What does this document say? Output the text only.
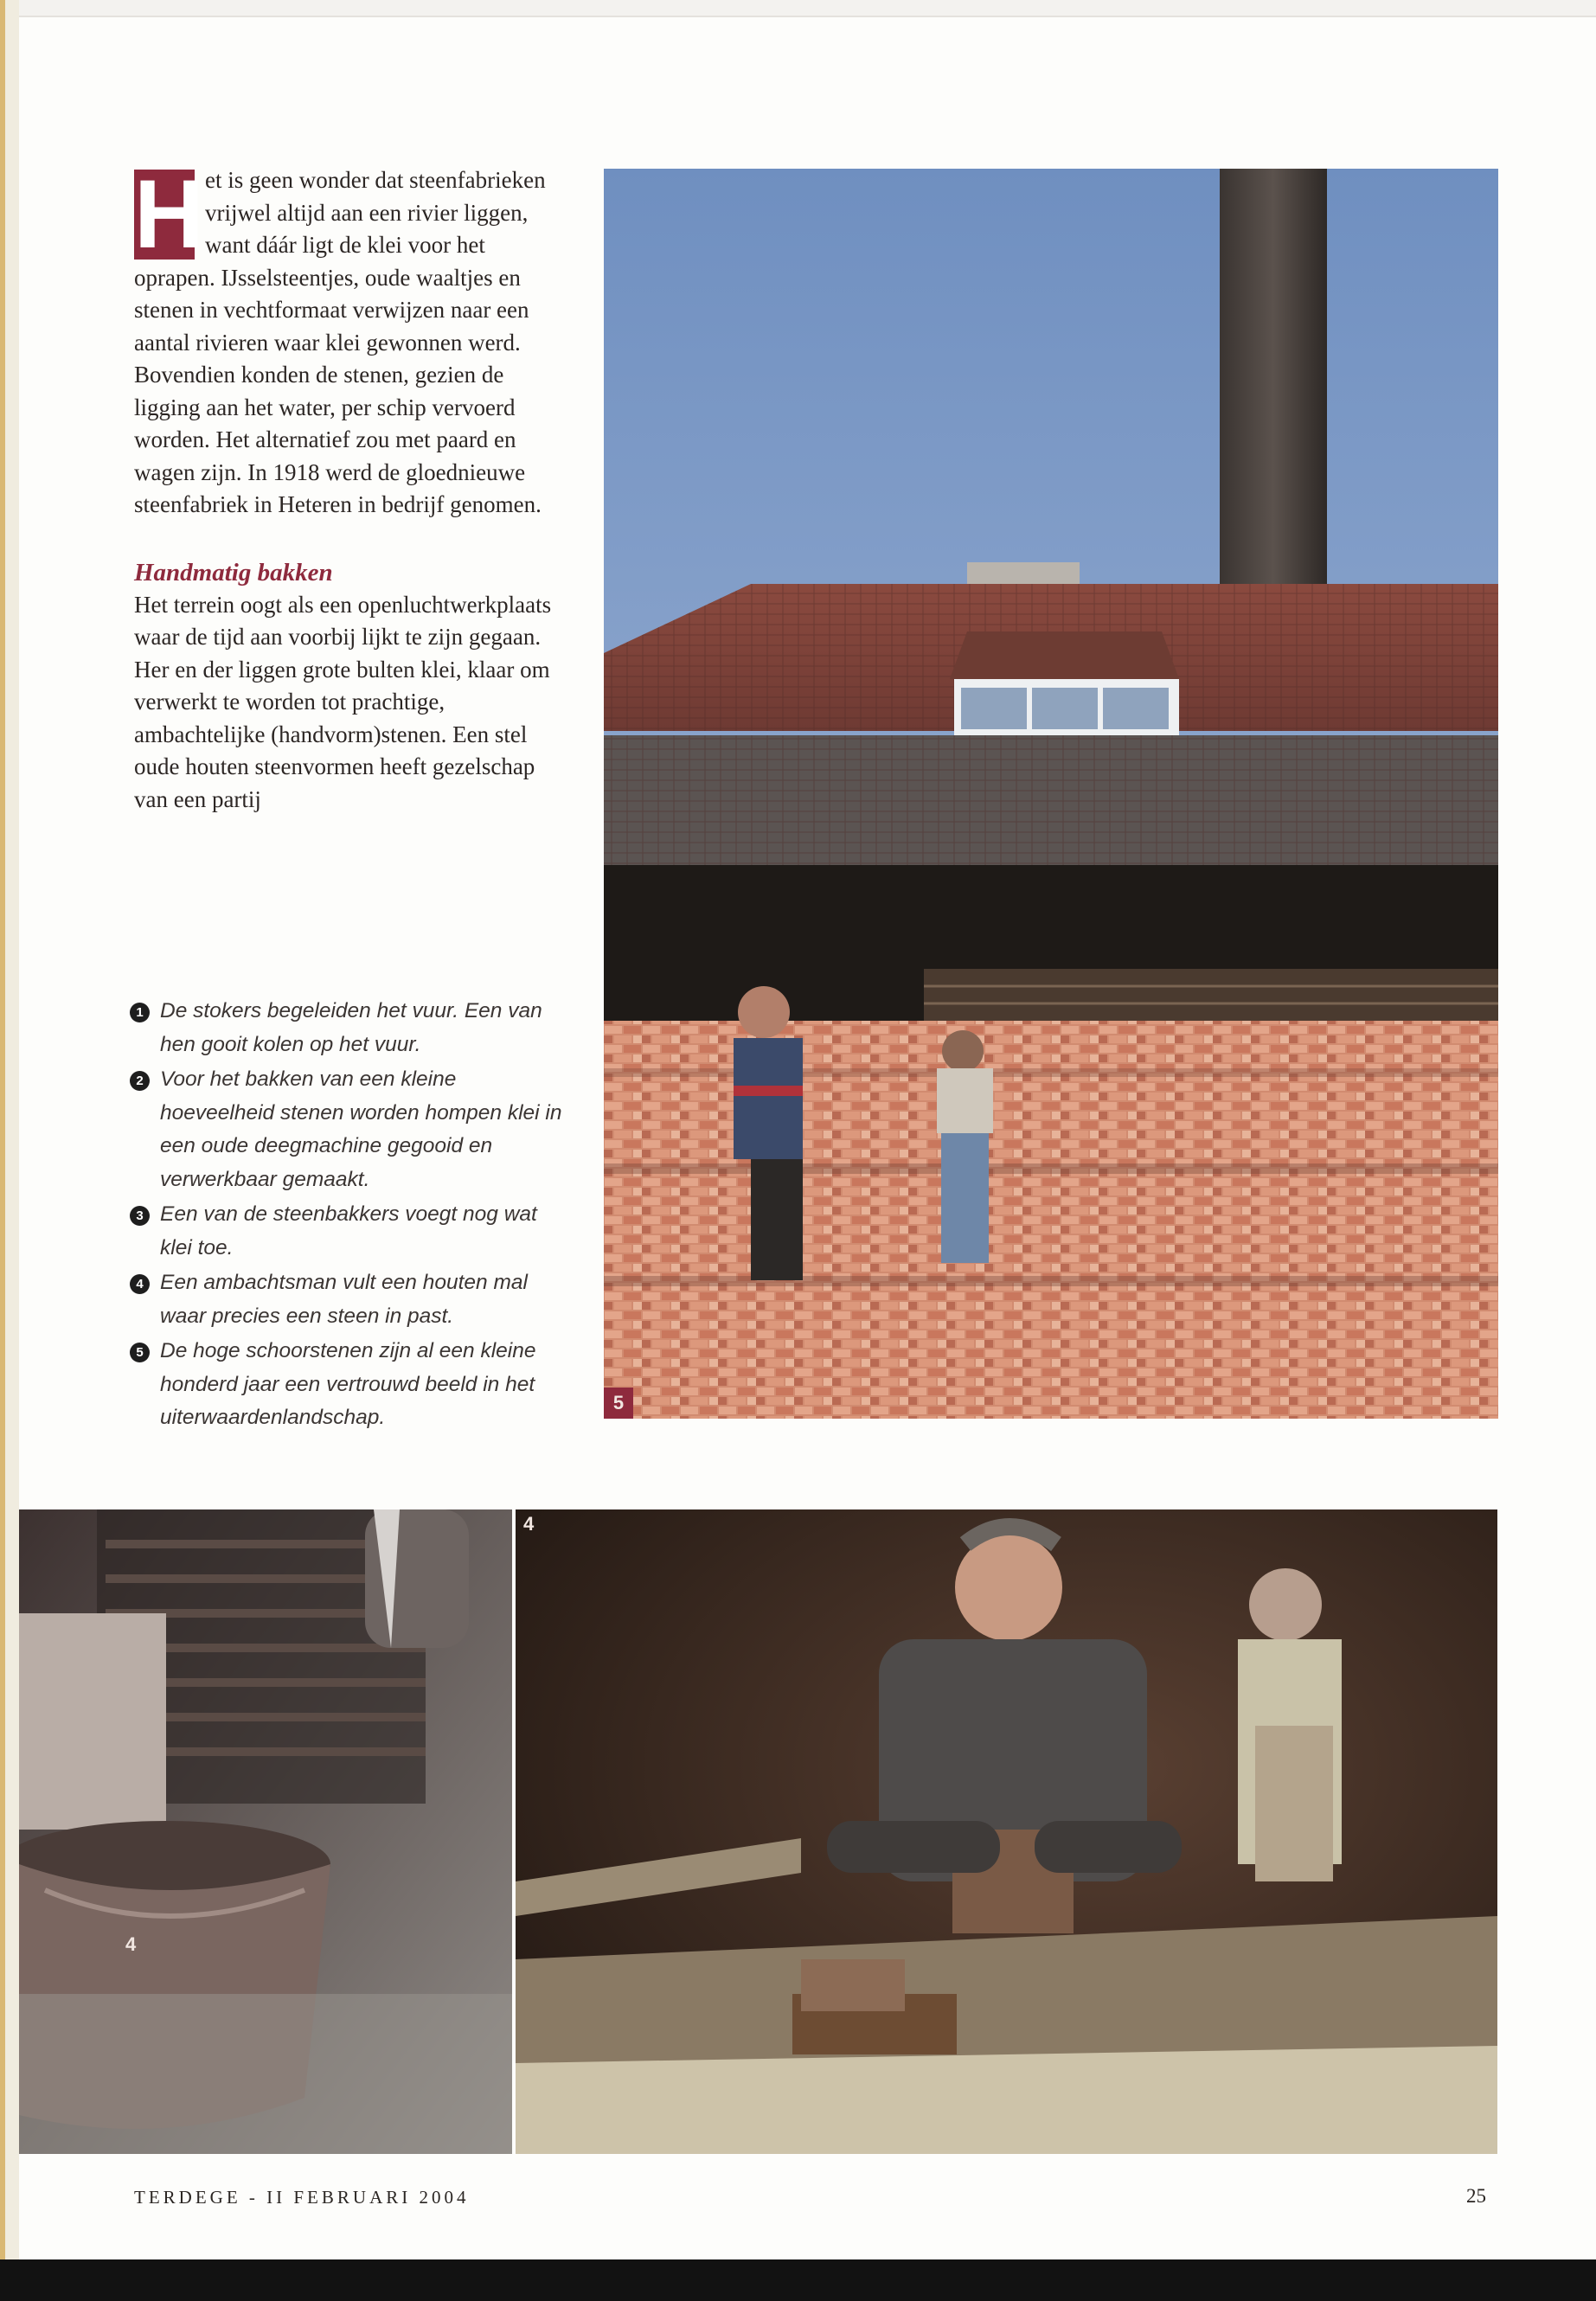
H et is geen wonder dat steenfabrieken vrijwel altijd aan een rivier liggen, want dáár ligt de klei voor het oprapen. IJsselsteentjes, oude waaltjes en stenen in vechtformaat verwijzen naar een aantal rivieren waar klei gewonnen werd. Bovendien konden de stenen, gezien de ligging aan het water, per schip vervoerd worden. Het alternatief zou met paard en wagen zijn. In 1918 werd de gloednieuwe steenfabriek in Heteren in bedrijf genomen.
Handmatig bakken
Het terrein oogt als een openluchtwerkplaats waar de tijd aan voorbij lijkt te zijn gegaan. Her en der liggen grote bulten klei, klaar om verwerkt te worden tot prachtige, ambachtelijke (handvorm)stenen. Een stel oude houten steenvormen heeft gezelschap van een partij
1 De stokers begeleiden het vuur. Een van hen gooit kolen op het vuur.
2 Voor het bakken van een kleine hoeveelheid stenen worden hompen klei in een oude deegmachine gegooid en verwerkbaar gemaakt.
3 Een van de steenbakkers voegt nog wat klei toe.
4 Een ambachtsman vult een houten mal waar precies een steen in past.
5 De hoge schoorstenen zijn al een kleine honderd jaar een vertrouwd beeld in het uiterwaardenlandschap.
5
4
4
TERDEGE - II FEBRUARI 2004	25
